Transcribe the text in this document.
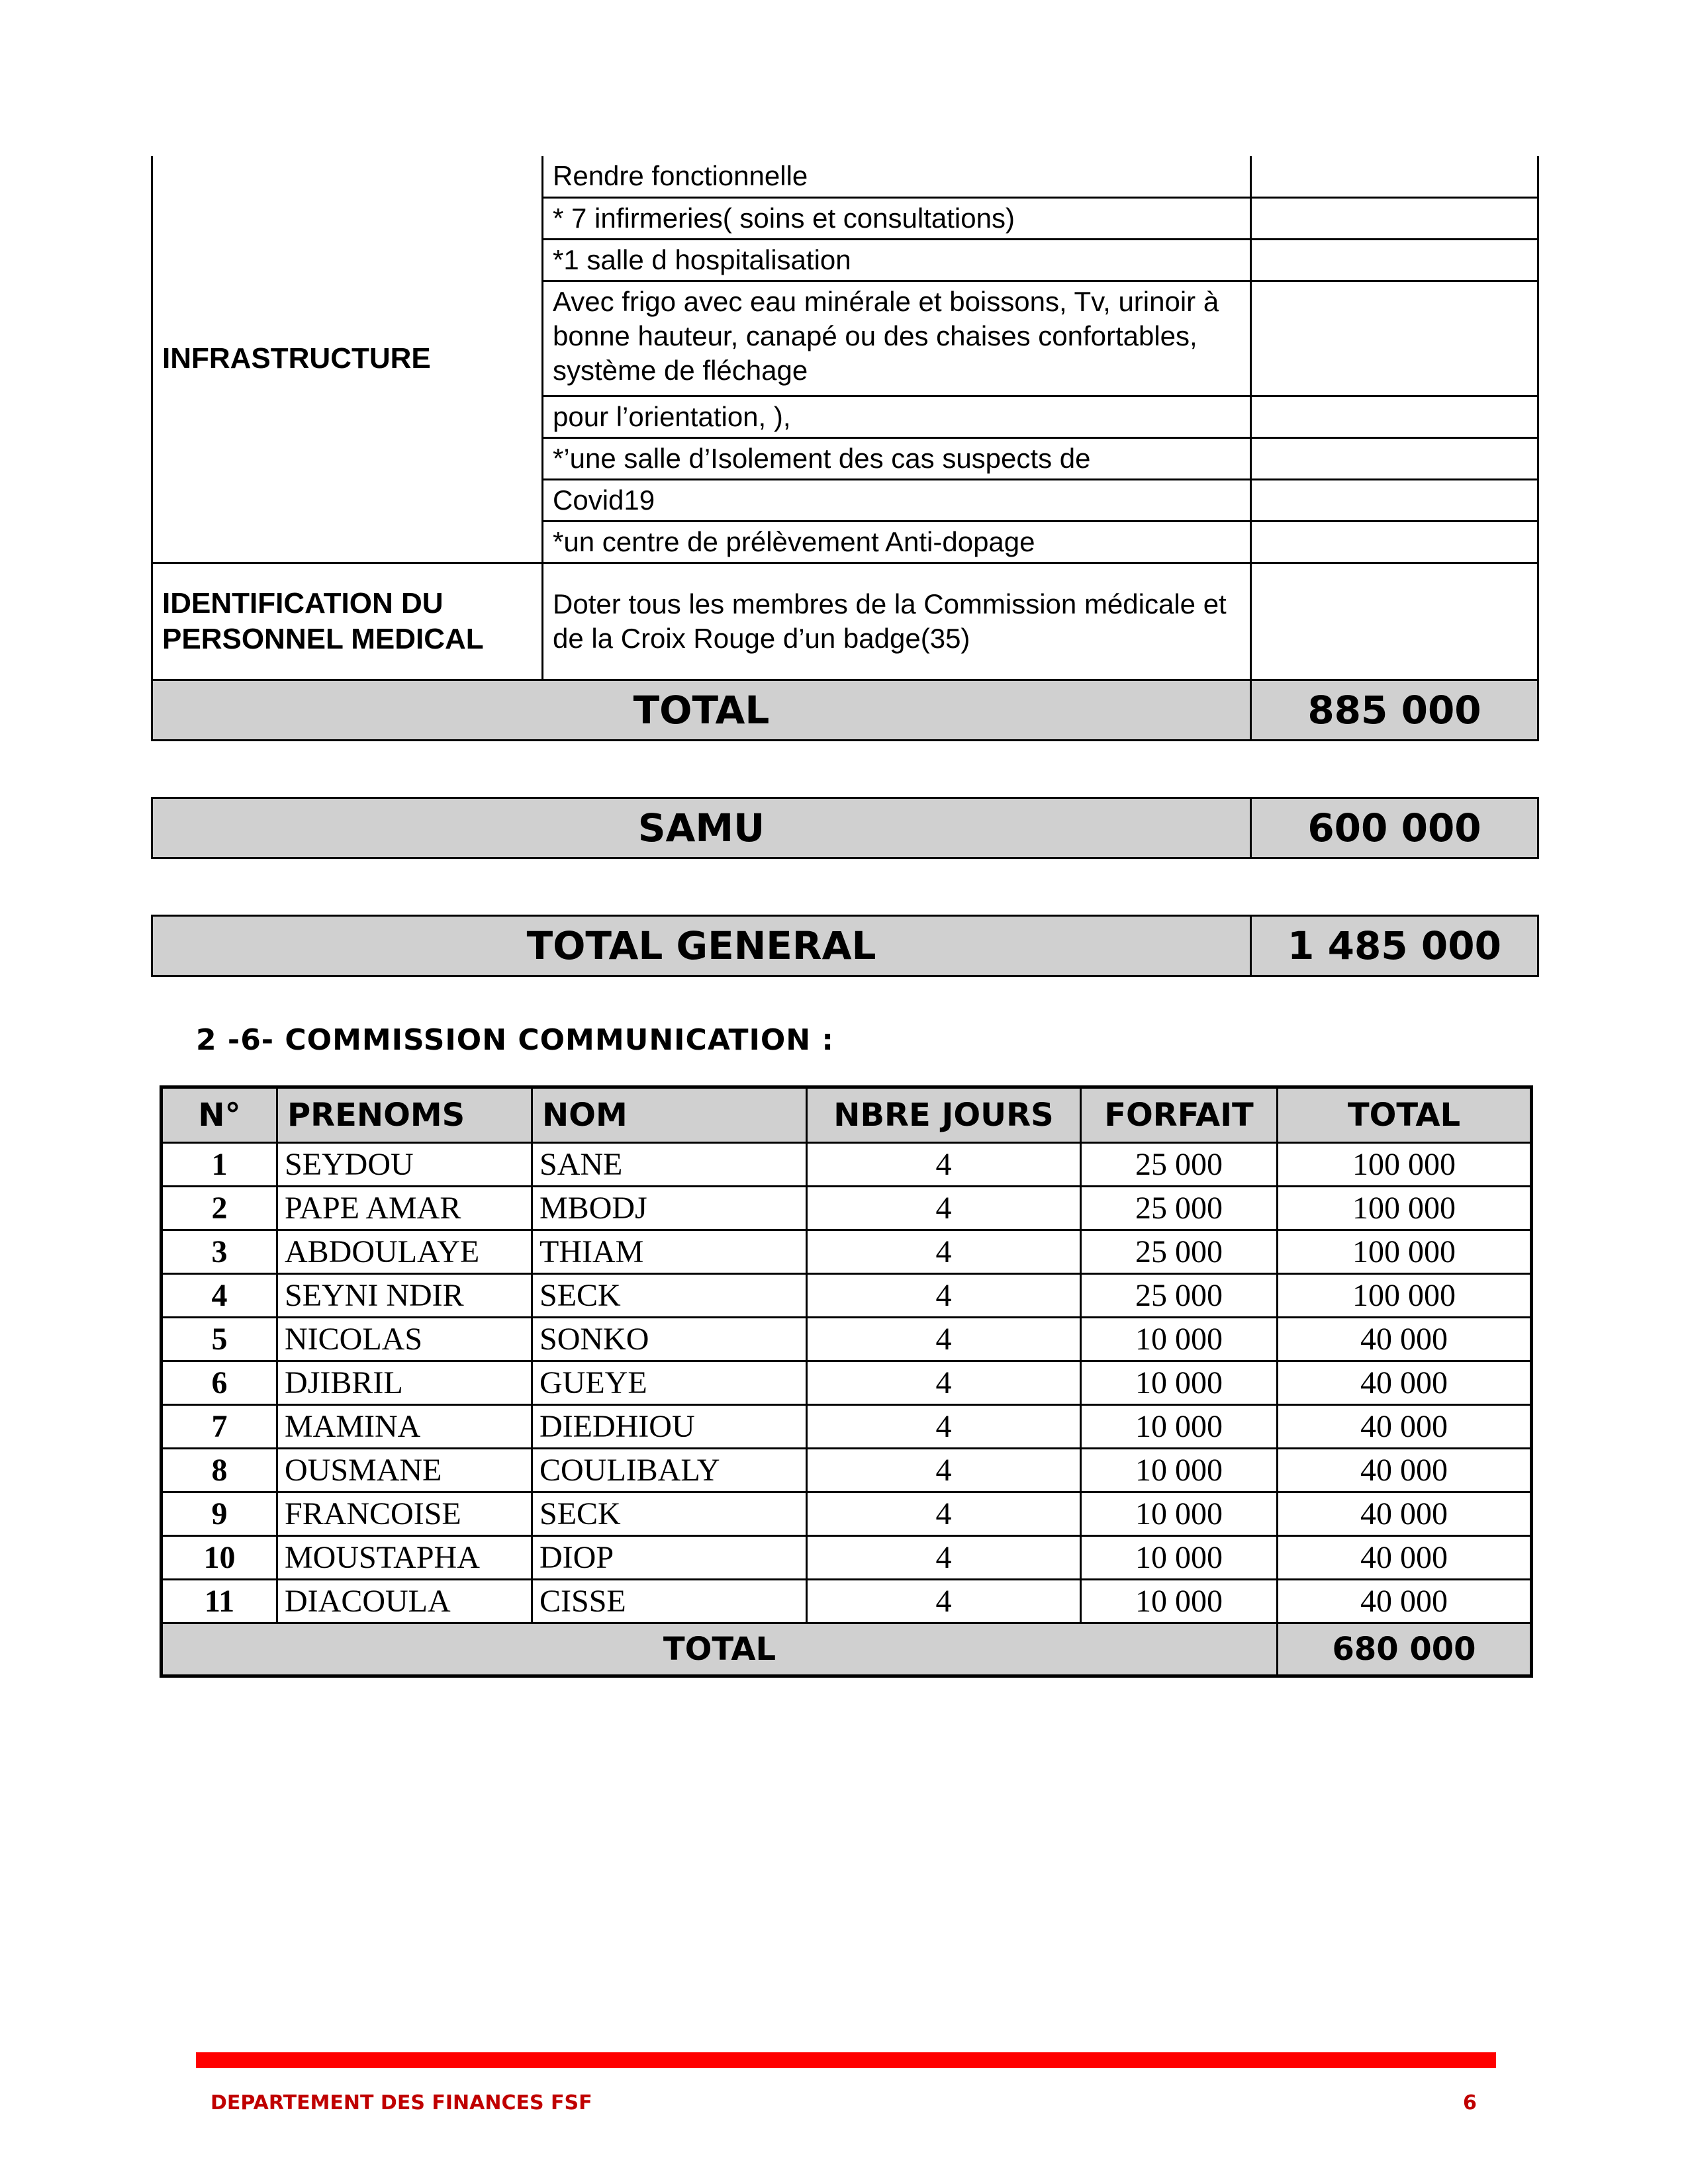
INFRASTRUCTURE	Rendre fonctionnelle	
	* 7 infirmeries( soins et consultations)	
	*1 salle d hospitalisation	
	Avec frigo avec eau minérale et boissons, Tv, urinoir à bonne hauteur, canapé ou des chaises confortables, système de fléchage	
	pour l’orientation, ),	
	*’une salle d’Isolement des cas suspects de	
	Covid19	
	*un centre de prélèvement Anti-dopage	
IDENTIFICATION DU PERSONNEL MEDICAL	Doter tous les membres de la Commission médicale et de la Croix Rouge d’un badge(35)	
TOTAL	885 000
SAMU	600 000
TOTAL GENERAL	1 485 000
2 -6- COMMISSION COMMUNICATION :
N°	PRENOMS	NOM	NBRE JOURS	FORFAIT	TOTAL
1	SEYDOU	SANE	4	25 000	100 000
2	PAPE AMAR	MBODJ	4	25 000	100 000
3	ABDOULAYE	THIAM	4	25 000	100 000
4	SEYNI NDIR	SECK	4	25 000	100 000
5	NICOLAS	SONKO	4	10 000	40 000
6	DJIBRIL	GUEYE	4	10 000	40 000
7	MAMINA	DIEDHIOU	4	10 000	40 000
8	OUSMANE	COULIBALY	4	10 000	40 000
9	FRANCOISE	SECK	4	10 000	40 000
10	MOUSTAPHA	DIOP	4	10 000	40 000
11	DIACOULA	CISSE	4	10 000	40 000
TOTAL					680 000
DEPARTEMENT DES FINANCES FSF	6
